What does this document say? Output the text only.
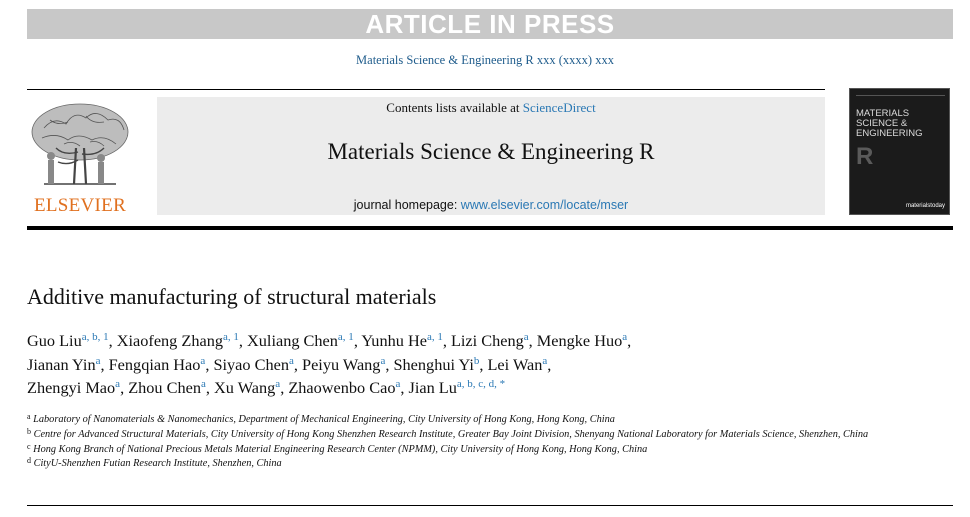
ARTICLE IN PRESS
Materials Science & Engineering R xxx (xxxx) xxx
ELSEVIER
Contents lists available at ScienceDirect
Materials Science & Engineering R
journal homepage: www.elsevier.com/locate/mser
MATERIALS
SCIENCE &
ENGINEERING
R
materialstoday
Additive manufacturing of structural materials
Guo Liu$^{a, b, 1}$, Xiaofeng Zhang$^{a, 1}$, Xuliang Chen$^{a, 1}$, Yunhu He$^{a, 1}$, Lizi Cheng$^a$, Mengke Huo$^a$,
Jianan Yin$^a$, Fengqian Hao$^a$, Siyao Chen$^a$, Peiyu Wang$^a$, Shenghui Yi$^b$, Lei Wan$^a$,
Zhengyi Mao$^a$, Zhou Chen$^a$, Xu Wang$^a$, Zhaowenbo Cao$^a$, Jian $Lu^{a, b, c, d, *}$
$^a$ Laboratory of Nanomaterials & Nanomechanics, Department of Mechanical Engineering, City University of Hong Kong, Hong Kong, China
$^b$ Centre for Advanced Structural Materials, City University of Hong Kong Shenzhen Research Institute, Greater Bay Joint Division, Shenyang National Laboratory for Materials Science, Shenzhen, China
$^c$ Hong Kong Branch of National Precious Metals Material Engineering Research Center (NPMM), City University of Hong Kong, Hong Kong, China
$^d$ CityU-Shenzhen Futian Research Institute, Shenzhen, China
